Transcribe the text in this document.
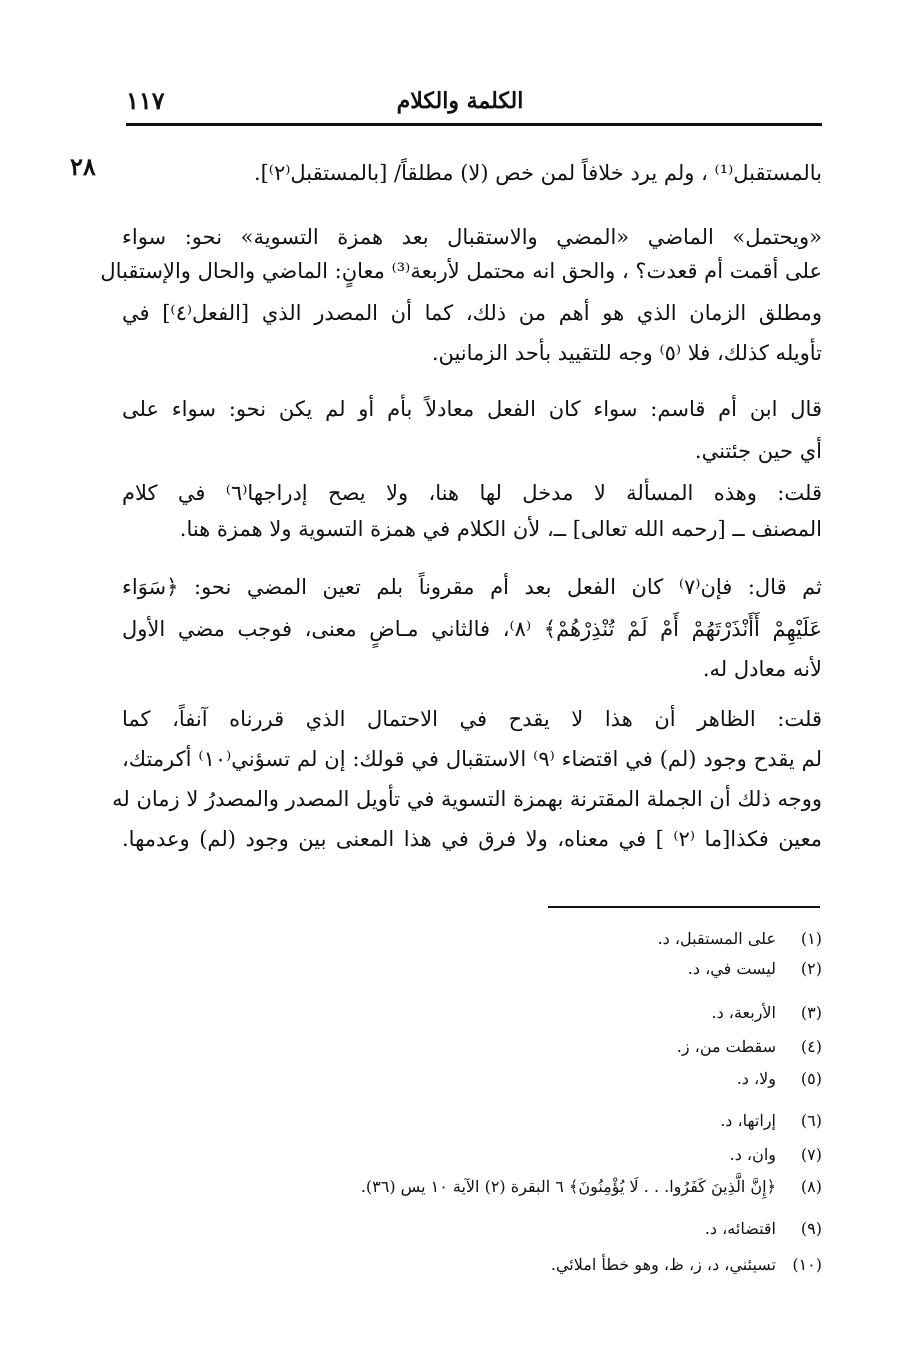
الكلمة والكلام
١١٧
٢٨	بالمستقبل⁽¹⁾ ، ولم يرد خلافاً لمن خص (لا) مطلقاً/ [بالمستقبل⁽٢⁾].
«ويحتمل» الماضي «المضي والاستقبال بعد همزة التسوية» نحو: سواء
على أقمت أم قعدت؟ ، والحق انه محتمل لأربعة⁽³⁾ معانٍ: الماضي والحال والإستقبال
ومطلق الزمان الذي هو أهم من ذلك، كما أن المصدر الذي [الفعل⁽٤⁾] في
تأويله كذلك، فلا ⁽٥⁾ وجه للتقييد بأحد الزمانين.
قال ابن أم قاسم: سواء كان الفعل معادلاً بأم أو لم يكن نحو: سواء على
أي حين جئتني.
قلت: وهذه المسألة لا مدخل لها هنا، ولا يصح إدراجها⁽٦⁾ في كلام
المصنف ــ [رحمه الله تعالى] ــ، لأن الكلام في همزة التسوية ولا همزة هنا.
ثم قال: فإن⁽٧⁾ كان الفعل بعد أم مقروناً بلم تعين المضي نحو: ﴿سَوَاء
عَلَيْهِمْ أَأَنْذَرْتَهُمْ أَمْ لَمْ تُنْذِرْهُمْ﴾ ⁽٨⁾، فالثاني مـاضٍ معنى، فوجب مضي الأول
لأنه معادل له.
قلت: الظاهر أن هذا لا يقدح في الاحتمال الذي قررناه آنفاً، كما
لم يقدح وجود (لم) في اقتضاء ⁽٩⁾ الاستقبال في قولك: إن لم تسؤني⁽١٠⁾ أكرمتك،
ووجه ذلك أن الجملة المقترنة بهمزة التسوية في تأويل المصدر والمصدرُ لا زمان له
معين فكذا[ما ⁽٢⁾ ] في معناه، ولا فرق في هذا المعنى بين وجود (لم) وعدمها.
(١)على المستقبل، د.
(٢)ليست في، د.
(٣)الأربعة، د.
(٤)سقطت من، ز.
(٥)ولا، د.
(٦)إراتها، د.
(٧)وان، د.
(٨)﴿إِنَّ الَّذِينَ كَفَرُوا. . . لَا يُؤْمِنُونَ﴾ ٦ البقرة (٢) الآية ١٠ يس (٣٦).
(٩)اقتضائه، د.
(١٠)تسيئني، د، ز، ظ، وهو خطأ املائي.
